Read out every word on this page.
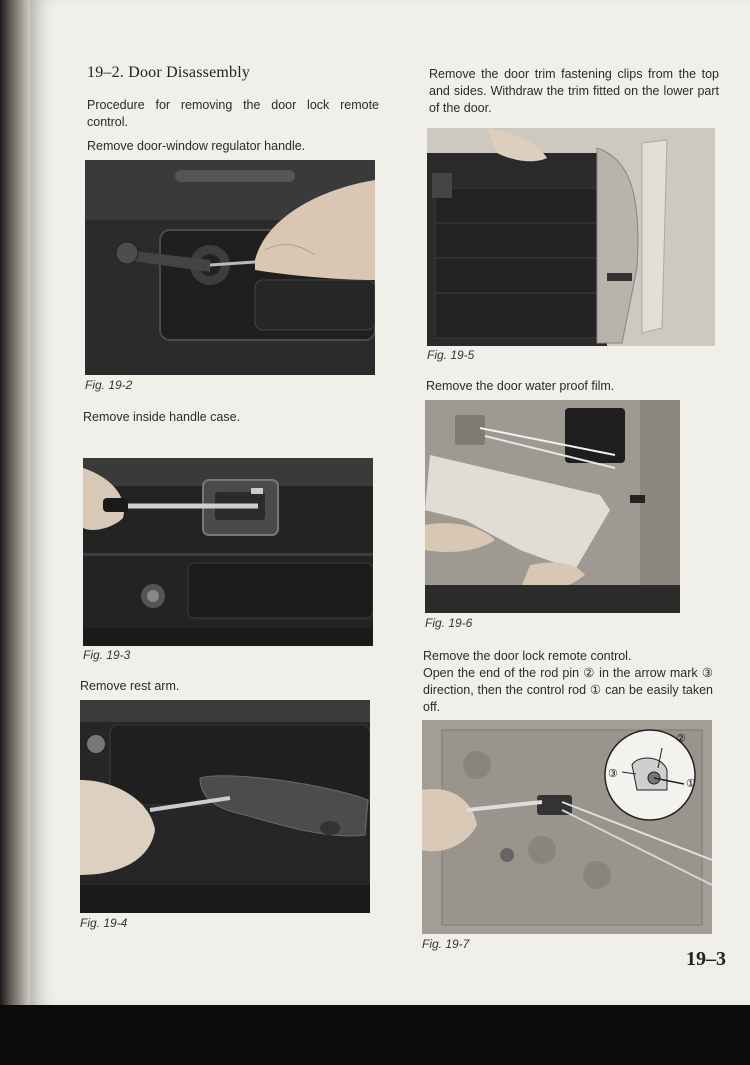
19–2. Door Disassembly
Procedure for removing the door lock remote control.
Remove door-window regulator handle.
Fig. 19-2
Remove inside handle case.
Fig. 19-3
Remove rest arm.
Fig. 19-4
Remove the door trim fastening clips from the top and sides. Withdraw the trim fitted on the lower part of the door.
Fig. 19-5
Remove the door water proof film.
Fig. 19-6
Remove the door lock remote control.
Open the end of the rod pin ② in the arrow mark ③ direction, then the control rod ① can be easily taken off.
②
③
①
Fig. 19-7
19–3
